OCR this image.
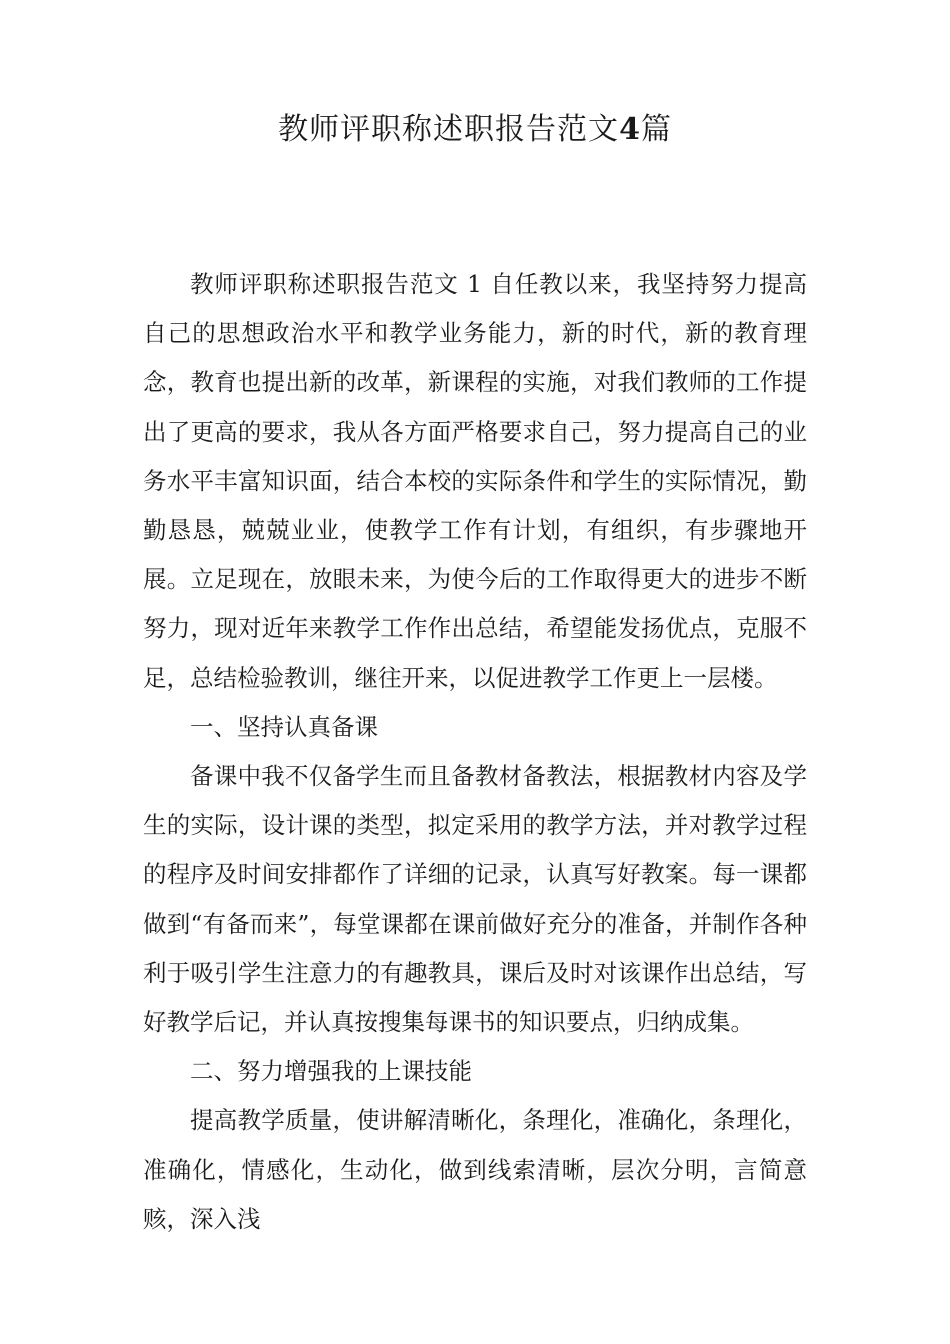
教师评职称述职报告范文4篇

教师评职称述职报告范文 1 自任教以来，我坚持努力提高自己的思想政治水平和教学业务能力，新的时代，新的教育理念，教育也提出新的改革，新课程的实施，对我们教师的工作提出了更高的要求，我从各方面严格要求自己，努力提高自己的业务水平丰富知识面，结合本校的实际条件和学生的实际情况，勤勤恳恳，兢兢业业，使教学工作有计划，有组织，有步骤地开展。立足现在，放眼未来，为使今后的工作取得更大的进步不断努力，现对近年来教学工作作出总结，希望能发扬优点，克服不足，总结检验教训，继往开来，以促进教学工作更上一层楼。

一、坚持认真备课

备课中我不仅备学生而且备教材备教法，根据教材内容及学生的实际，设计课的类型，拟定采用的教学方法，并对教学过程的程序及时间安排都作了详细的记录，认真写好教案。每一课都做到“有备而来”，每堂课都在课前做好充分的准备，并制作各种利于吸引学生注意力的有趣教具，课后及时对该课作出总结，写好教学后记，并认真按搜集每课书的知识要点，归纳成集。

二、努力增强我的上课技能

提高教学质量，使讲解清晰化，条理化，准确化，条理化，准确化，情感化，生动化，做到线索清晰，层次分明，言简意赅，深入浅
